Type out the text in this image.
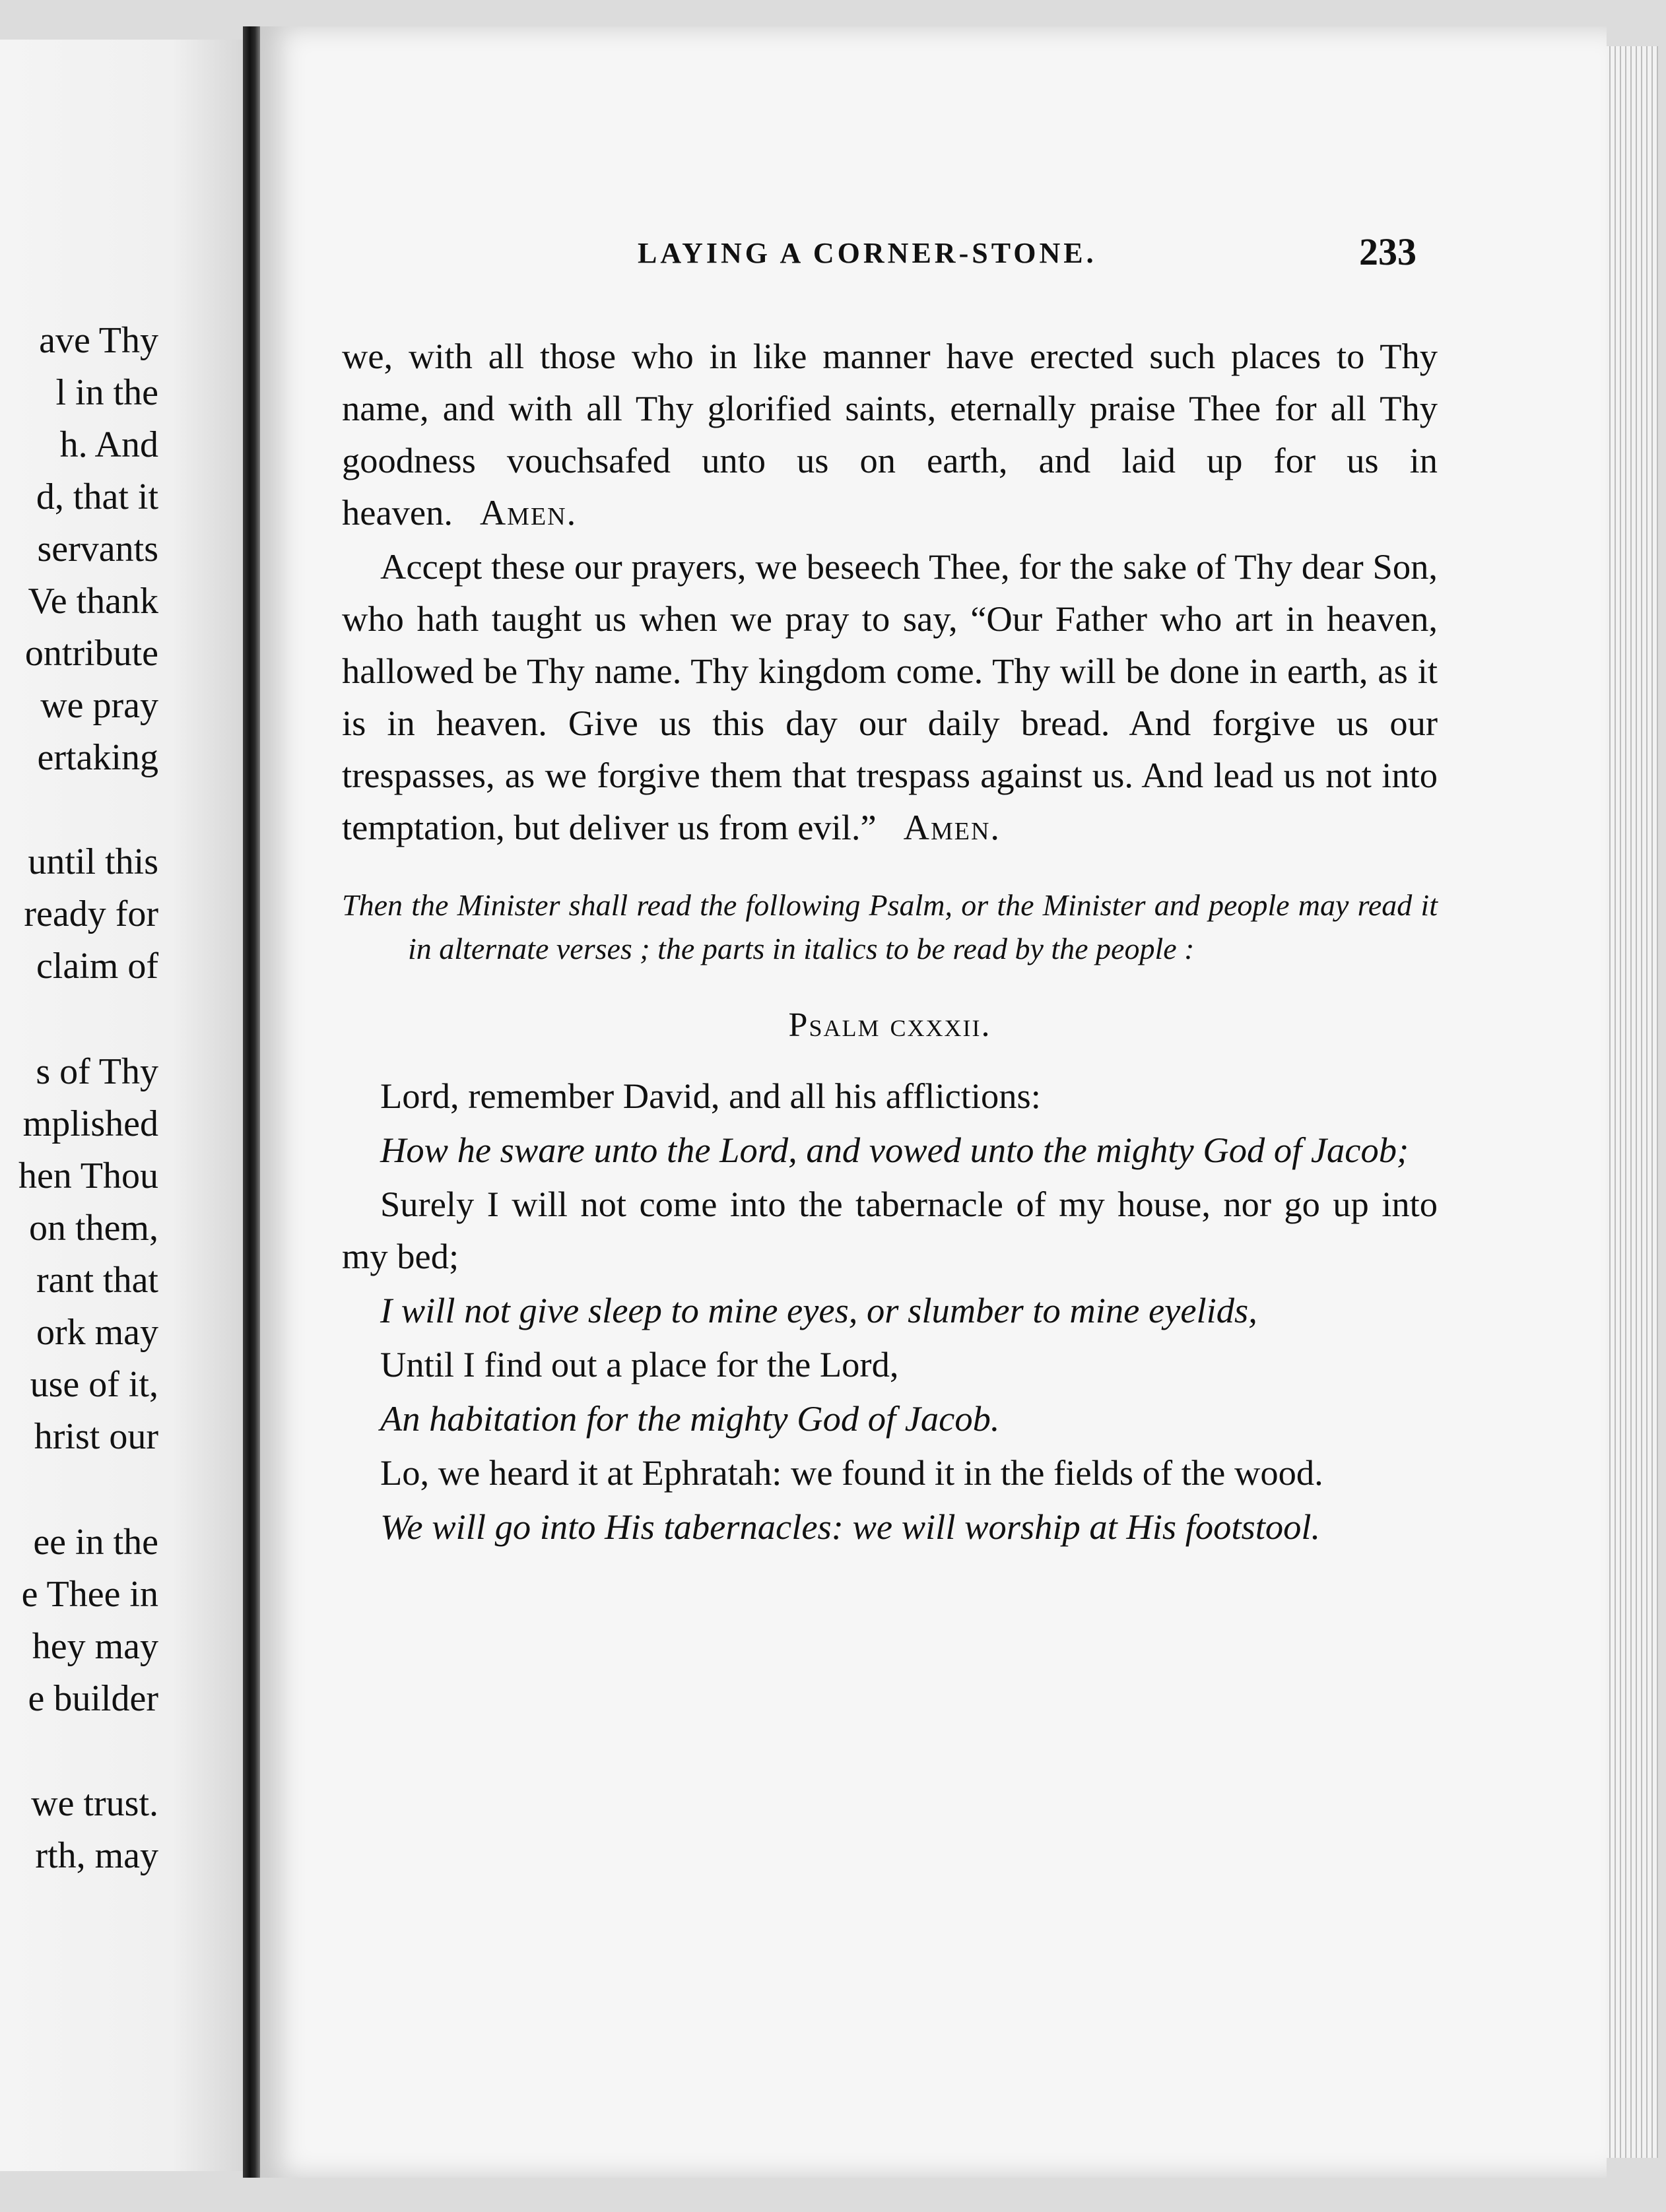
ave Thy
l in the
h. And
d, that it
servants
Ve thank
ontribute
we pray
ertaking
until this
ready for
claim of
s of Thy
mplished
hen Thou
on them,
rant that
ork may
use of it,
hrist our
ee in the
e Thee in
hey may
e builder
we trust.
rth, may
LAYING A CORNER-STONE.	233

we, with all those who in like manner have erected such places to Thy name, and with all Thy glorified saints, eternally praise Thee for all Thy goodness vouchsafed unto us on earth, and laid up for us in heaven. Amen.

Accept these our prayers, we beseech Thee, for the sake of Thy dear Son, who hath taught us when we pray to say, “Our Father who art in heaven, hallowed be Thy name. Thy kingdom come. Thy will be done in earth, as it is in heaven. Give us this day our daily bread. And forgive us our trespasses, as we forgive them that trespass against us. And lead us not into temptation, but deliver us from evil.” Amen.

Then the Minister shall read the following Psalm, or the Minister and people may read it in alternate verses ; the parts in italics to be read by the people :

Psalm cxxxii.

Lord, remember David, and all his afflictions:

How he sware unto the Lord, and vowed unto the mighty God of Jacob;

Surely I will not come into the tabernacle of my house, nor go up into my bed;

I will not give sleep to mine eyes, or slumber to mine eyelids,

Until I find out a place for the Lord,

An habitation for the mighty God of Jacob.

Lo, we heard it at Ephratah: we found it in the fields of the wood.

We will go into His tabernacles: we will worship at His footstool.
